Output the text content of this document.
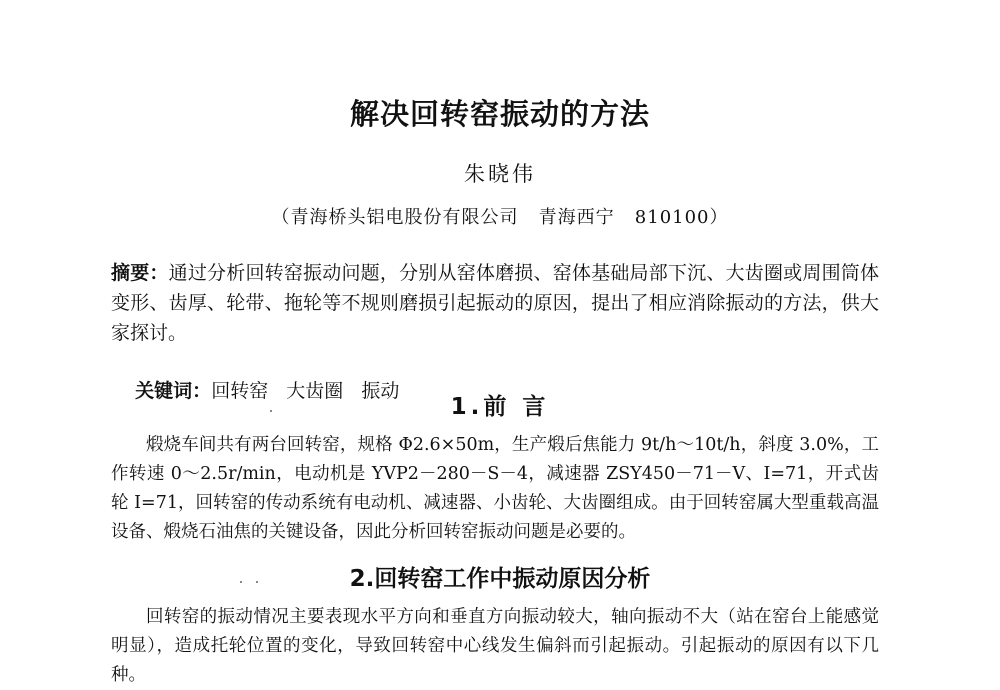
解决回转窑振动的方法
朱晓伟
（青海桥头铝电股份有限公司   青海西宁   810100）
摘要：通过分析回转窑振动问题，分别从窑体磨损、窑体基础局部下沉、大齿圈或周围筒体变形、齿厚、轮带、拖轮等不规则磨损引起振动的原因，提出了相应消除振动的方法，供大家探讨。

关键词：回转窑   大齿圈   振动

1.前 言
煅烧车间共有两台回转窑，规格 Φ2.6×50m，生产煅后焦能力 9t/h～10t/h，斜度 3.0%，工作转速 0～2.5r/min，电动机是 YVP2－280－S－4，减速器 ZSY450－71－V、I=71，开式齿轮 I=71，回转窑的传动系统有电动机、减速器、小齿轮、大齿圈组成。由于回转窑属大型重载高温设备、煅烧石油焦的关键设备，因此分析回转窑振动问题是必要的。
2.回转窑工作中振动原因分析
回转窑的振动情况主要表现水平方向和垂直方向振动较大，轴向振动不大（站在窑台上能感觉明显），造成托轮位置的变化，导致回转窑中心线发生偏斜而引起振动。引起振动的原因有以下几种。
